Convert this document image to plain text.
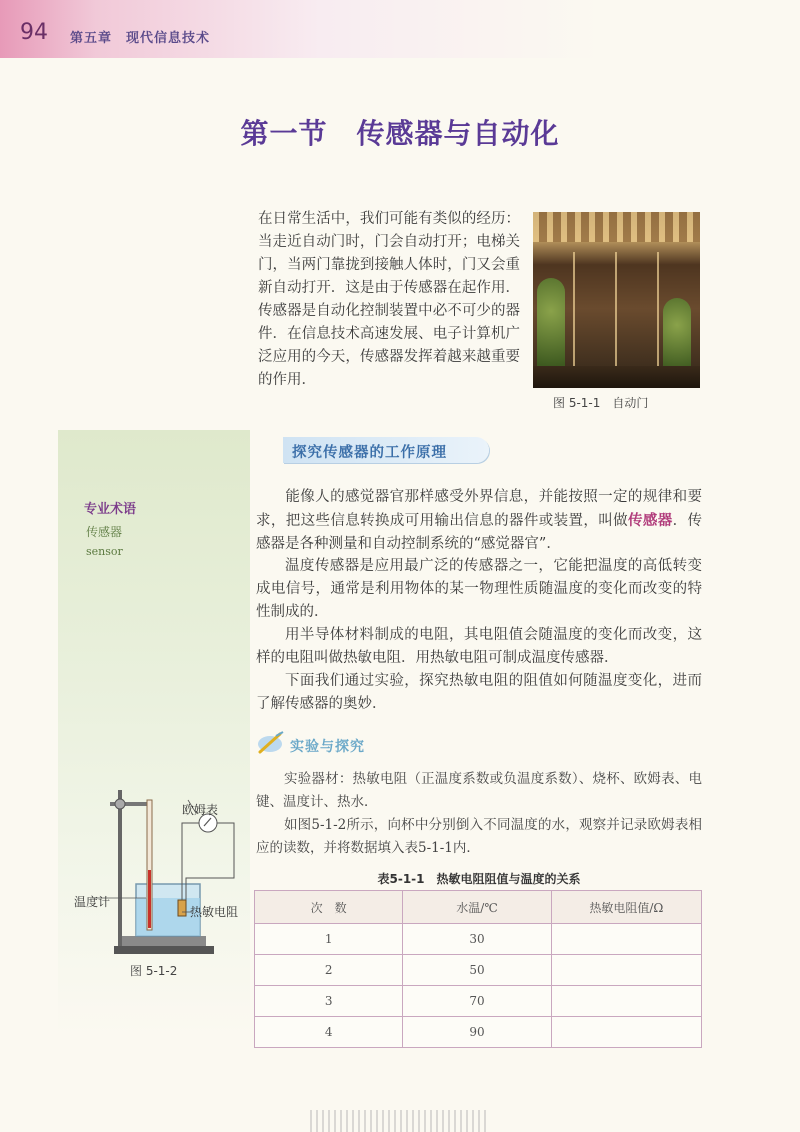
94 第五章　现代信息技术
第一节　传感器与自动化
在日常生活中，我们可能有类似的经历：当走近自动门时，门会自动打开；电梯关门，当两门靠拢到接触人体时，门又会重新自动打开．这是由于传感器在起作用．传感器是自动化控制装置中必不可少的器件．在信息技术高速发展、电子计算机广泛应用的今天，传感器发挥着越来越重要的作用．
图 5-1-1　自动门
专业术语
传感器
sensor
探究传感器的工作原理
能像人的感觉器官那样感受外界信息，并能按照一定的规律和要求，把这些信息转换成可用输出信息的器件或装置，叫做传感器．传感器是各种测量和自动控制系统的“感觉器官”．
温度传感器是应用最广泛的传感器之一，它能把温度的高低转变成电信号，通常是利用物体的某一物理性质随温度的变化而改变的特性制成的．
用半导体材料制成的电阻，其电阻值会随温度的变化而改变，这样的电阻叫做热敏电阻．用热敏电阻可制成温度传感器．
下面我们通过实验，探究热敏电阻的阻值如何随温度变化，进而了解传感器的奥妙．
实验与探究
实验器材：热敏电阻（正温度系数或负温度系数）、烧杯、欧姆表、电键、温度计、热水．
如图5-1-2所示，向杯中分别倒入不同温度的水，观察并记录欧姆表相应的读数，并将数据填入表5-1-1内．
欧姆表
温度计
热敏电阻
图 5-1-2
表5-1-1　热敏电阻阻值与温度的关系
次　数	水温/℃	热敏电阻值/Ω
1	30	
2	50	
3	70	
4	90	
